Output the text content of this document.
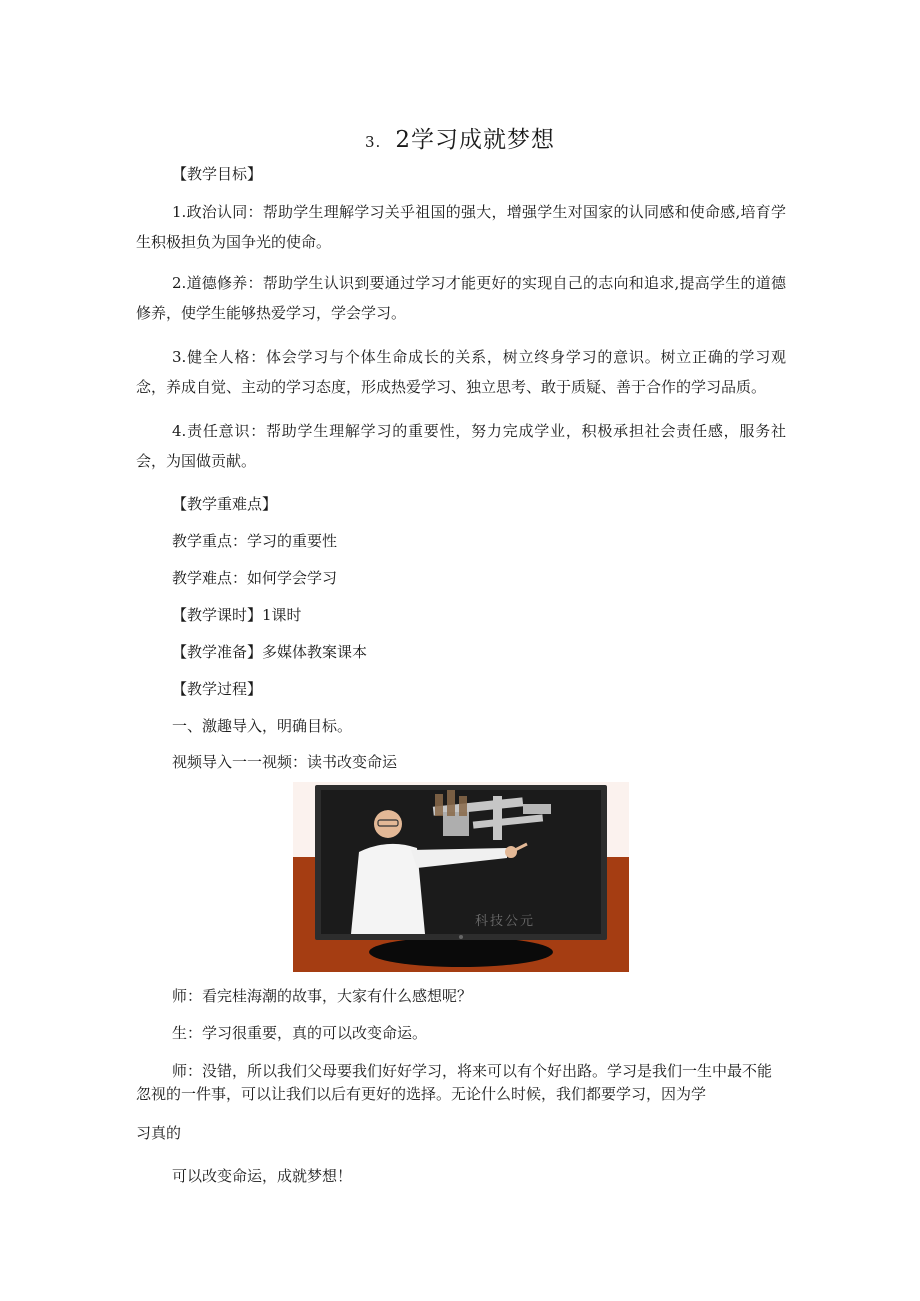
3. 2学习成就梦想
【教学目标】
1.政治认同：帮助学生理解学习关乎祖国的强大，增强学生对国家的认同感和使命感,培育学生积极担负为国争光的使命。
2.道德修养：帮助学生认识到要通过学习才能更好的实现自己的志向和追求,提高学生的道德修养，使学生能够热爱学习，学会学习。
3.健全人格：体会学习与个体生命成长的关系，树立终身学习的意识。树立正确的学习观念，养成自觉、主动的学习态度，形成热爱学习、独立思考、敢于质疑、善于合作的学习品质。
4.责任意识：帮助学生理解学习的重要性，努力完成学业，积极承担社会责任感，服务社会，为国做贡献。
【教学重难点】
教学重点：学习的重要性
教学难点：如何学会学习
【教学课时】1课时
【教学准备】多媒体教案课本
【教学过程】
一、激趣导入，明确目标。
视频导入一一视频：读书改变命运
科技公元
师：看完桂海潮的故事，大家有什么感想呢？
生：学习很重要，真的可以改变命运。
师：没错，所以我们父母要我们好好学习，将来可以有个好出路。学习是我们一生中最不能
忽视的一件事，可以让我们以后有更好的选择。无论什么时候，我们都要学习，因为学
习真的
可以改变命运，成就梦想！
